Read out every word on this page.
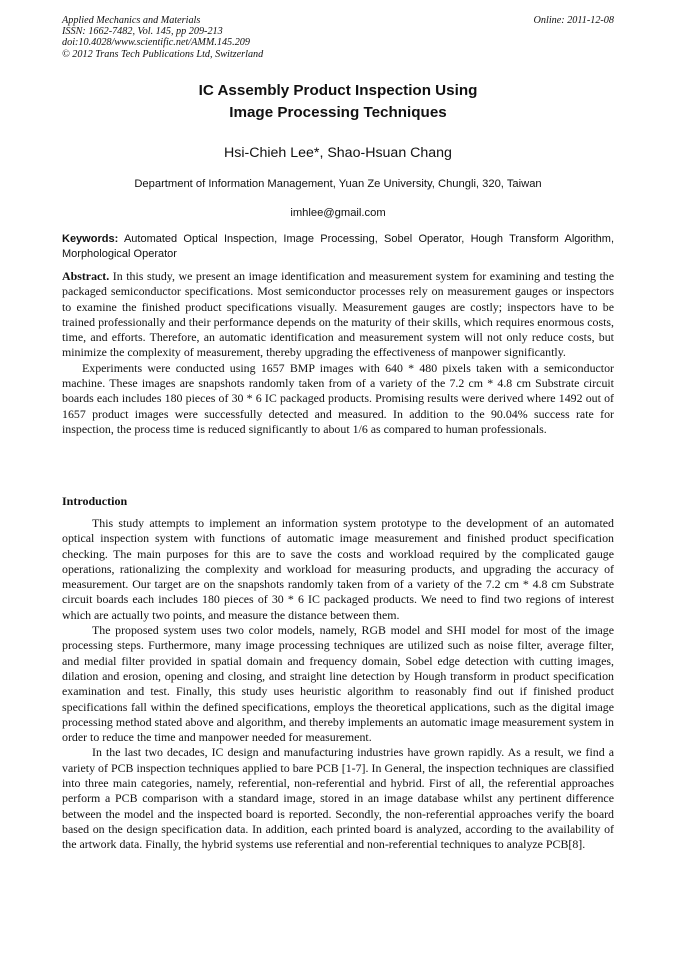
Applied Mechanics and Materials
ISSN: 1662-7482, Vol. 145, pp 209-213
doi:10.4028/www.scientific.net/AMM.145.209
© 2012 Trans Tech Publications Ltd, Switzerland
Online: 2011-12-08
IC Assembly Product Inspection Using
Image Processing Techniques
Hsi-Chieh Lee*, Shao-Hsuan Chang
Department of Information Management, Yuan Ze University, Chungli, 320, Taiwan
imhlee@gmail.com
Keywords: Automated Optical Inspection, Image Processing, Sobel Operator, Hough Transform Algorithm, Morphological Operator

Abstract. In this study, we present an image identification and measurement system for examining and testing the packaged semiconductor specifications. Most semiconductor processes rely on measurement gauges or inspectors to examine the finished product specifications visually. Measurement gauges are costly; inspectors have to be trained professionally and their performance depends on the maturity of their skills, which requires enormous costs, time, and efforts. Therefore, an automatic identification and measurement system will not only reduce costs, but minimize the complexity of measurement, thereby upgrading the effectiveness of manpower significantly.

Experiments were conducted using 1657 BMP images with 640 * 480 pixels taken with a semiconductor machine. These images are snapshots randomly taken from of a variety of the 7.2 cm * 4.8 cm Substrate circuit boards each includes 180 pieces of 30 * 6 IC packaged products. Promising results were derived where 1492 out of 1657 product images were successfully detected and measured. In addition to the 90.04% success rate for inspection, the process time is reduced significantly to about 1/6 as compared to human professionals.

Introduction

This study attempts to implement an information system prototype to the development of an automated optical inspection system with functions of automatic image measurement and finished product specification checking. The main purposes for this are to save the costs and workload required by the complicated gauge operations, rationalizing the complexity and workload for measuring products, and upgrading the accuracy of measurement. Our target are on the snapshots randomly taken from of a variety of the 7.2 cm * 4.8 cm Substrate circuit boards each includes 180 pieces of 30 * 6 IC packaged products. We need to find two regions of interest which are actually two points, and measure the distance between them.

The proposed system uses two color models, namely, RGB model and SHI model for most of the image processing steps. Furthermore, many image processing techniques are utilized such as noise filter, average filter, and medial filter provided in spatial domain and frequency domain, Sobel edge detection with cutting images, dilation and erosion, opening and closing, and straight line detection by Hough transform in product specification examination and test. Finally, this study uses heuristic algorithm to reasonably find out if finished product specifications fall within the defined specifications, employs the theoretical applications, such as the digital image processing method stated above and algorithm, and thereby implements an automatic image measurement system in order to reduce the time and manpower needed for measurement.

In the last two decades, IC design and manufacturing industries have grown rapidly. As a result, we find a variety of PCB inspection techniques applied to bare PCB [1-7]. In General, the inspection techniques are classified into three main categories, namely, referential, non-referential and hybrid. First of all, the referential approaches perform a PCB comparison with a standard image, stored in an image database whilst any pertinent difference between the model and the inspected board is reported. Secondly, the non-referential approaches verify the board based on the design specification data. In addition, each printed board is analyzed, according to the availability of the artwork data. Finally, the hybrid systems use referential and non-referential techniques to analyze PCB[8].
